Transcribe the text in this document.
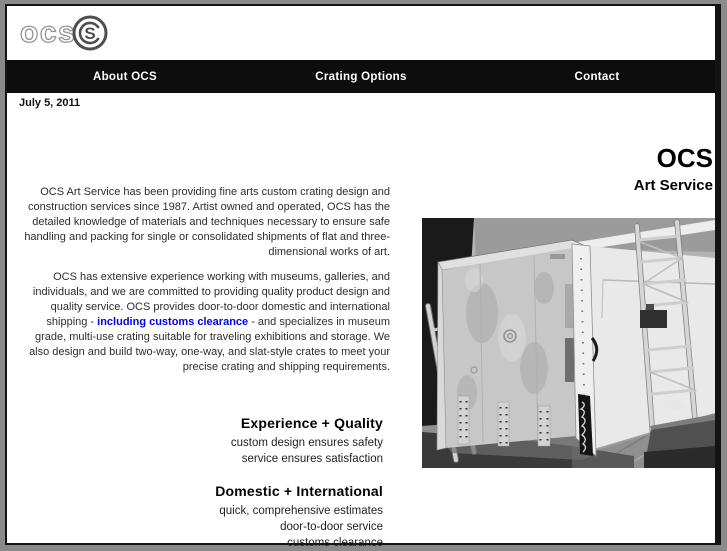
ocs S
About OCS	Crating Options	Contact
July 5, 2011

OCS Art Service has been providing fine arts custom crating design and construction services since 1987. Artist owned and operated, OCS has the detailed knowledge of materials and techniques necessary to ensure safe handling and packing for single or consolidated shipments of flat and three-dimensional works of art.

OCS has extensive experience working with museums, galleries, and individuals, and we are committed to providing quality product design and quality service. OCS provides door-to-door domestic and international shipping - including customs clearance - and specializes in museum grade, multi-use crating suitable for traveling exhibitions and storage. We also design and build two-way, one-way, and slat-style crates to meet your precise crating and shipping requirements.

Experience + Quality
custom design ensures safety
service ensures satisfaction
Domestic + International
quick, comprehensive estimates
door-to-door service
customs clearance
OCS
Art Service
